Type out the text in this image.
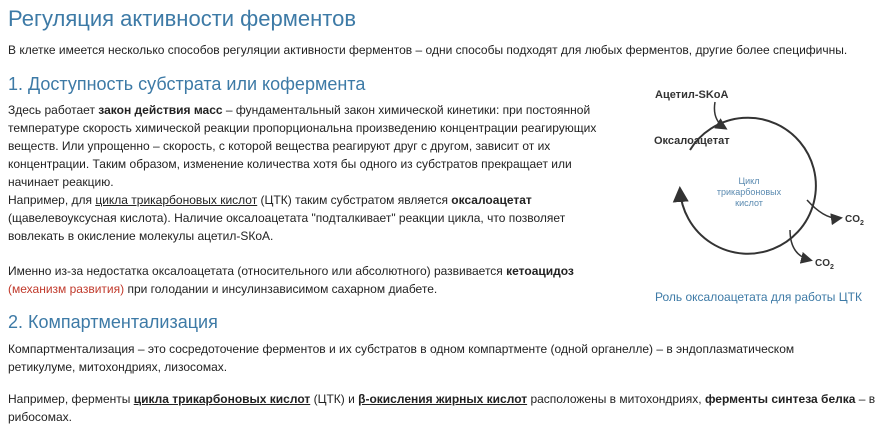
Регуляция активности ферментов

В клетке имеется несколько способов регуляции активности ферментов – одни способы подходят для любых ферментов, другие более специфичны.

1. Доступность субстрата или кофермента

Здесь работает закон действия масс – фундаментальный закон химической кинетики: при постоянной температуре скорость химической реакции пропорциональна произведению концентрации реагирующих веществ. Или упрощенно – скорость, с которой вещества реагируют друг с другом, зависит от их концентрации. Таким образом, изменение количества хотя бы одного из субстратов прекращает или начинает реакцию.

Например, для цикла трикарбоновых кислот (ЦТК) таким субстратом является оксалоацетат (щавелевоуксусная кислота). Наличие оксалоацетата "подталкивает" реакции цикла, что позволяет вовлекать в окисление молекулы ацетил-SКоА.

Именно из-за недостатка оксалоацетата (относительного или абсолютного) развивается кетоацидоз (механизм развития) при голодании и инсулинзависимом сахарном диабете.

Ацетил-SKoA
Оксалоацетат
Цикл
трикарбоновых
кислот
$CO_2$
$CO_2$
Роль оксалоацетата для работы ЦТК
2. Компартментализация

Компартментализация – это сосредоточение ферментов и их субстратов в одном компартменте (одной органелле) – в эндоплазматическом ретикулуме, митохондриях, лизосомах.

Например, ферменты цикла трикарбоновых кислот (ЦТК) и β-окисления жирных кислот расположены в митохондриях, ферменты синтеза белка – в рибосомах.
